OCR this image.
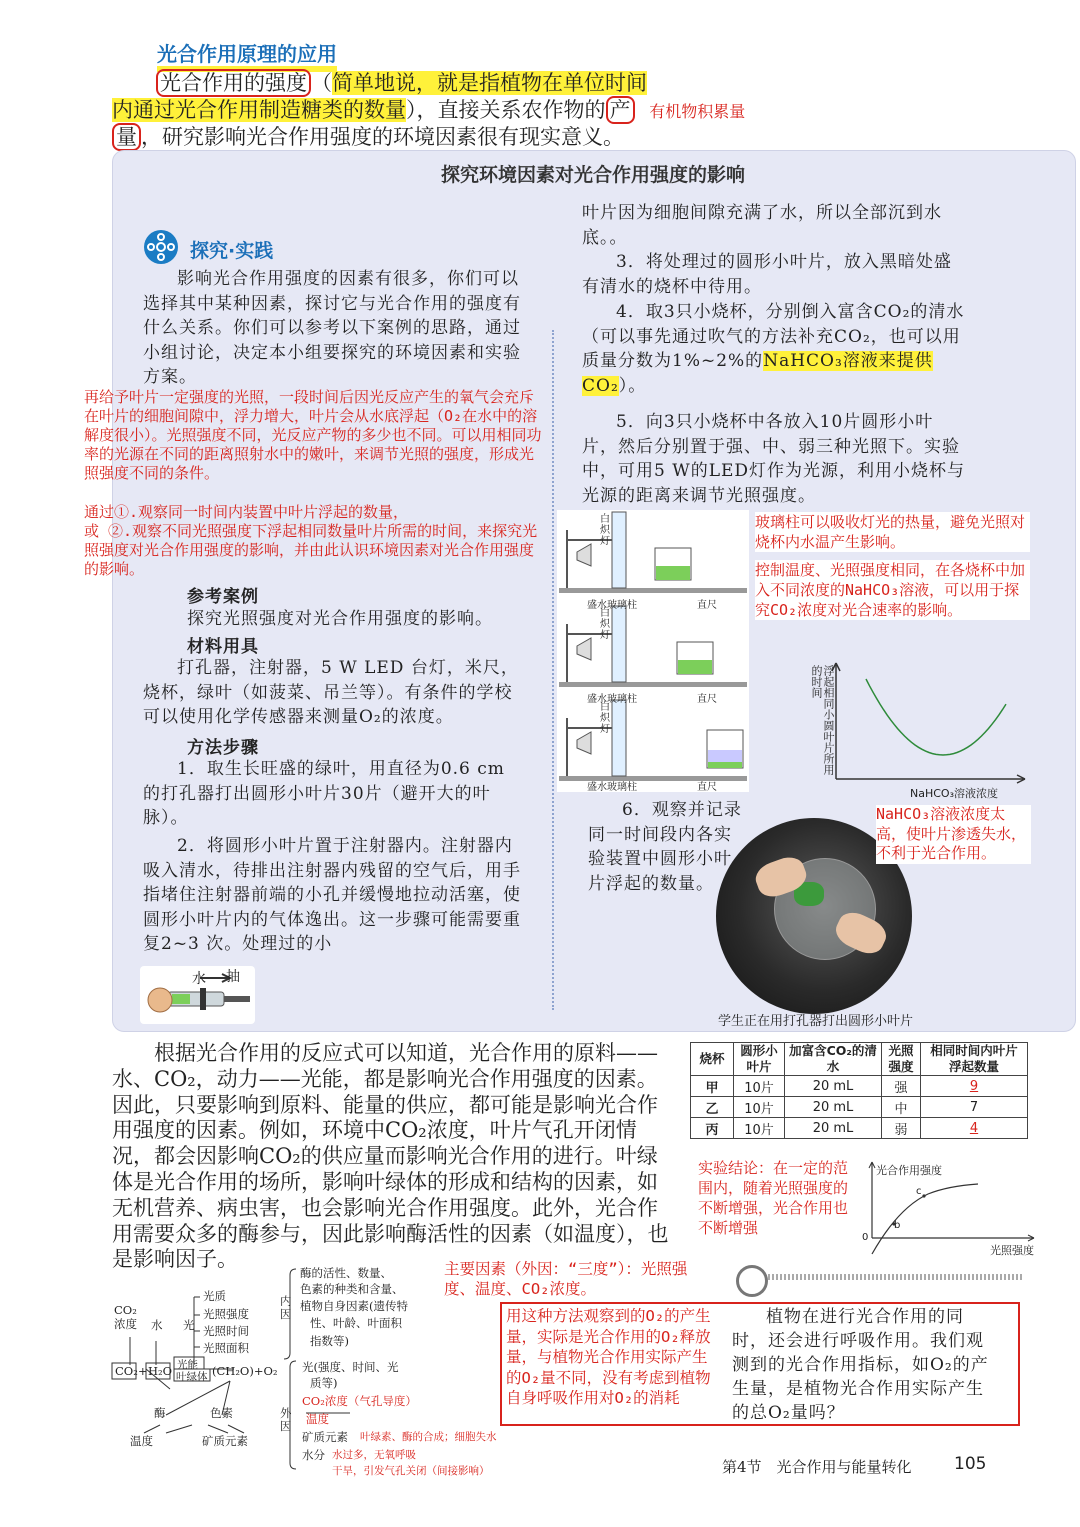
光合作用原理的应用
光合作用的强度 （简单地说，就是指植物在单位时间
内通过光合作用制造糖类的数量），直接关系农作物的 产 有机物积累量
量 ，研究影响光合作用强度的环境因素很有现实意义。
探究环境因素对光合作用强度的影响
探究·实践
影响光合作用强度的因素有很多，你们可以选择其中某种因素，探讨它与光合作用的强度有什么关系。你们可以参考以下案例的思路，通过小组讨论，决定本小组要探究的环境因素和实验方案。
再给予叶片一定强度的光照，一段时间后因光反应产生的氧气会充斥在叶片的细胞间隙中，浮力增大，叶片会从水底浮起（O₂在水中的溶解度很小）。光照强度不同，光反应产物的多少也不同。可以用相同功率的光源在不同的距离照射水中的嫩叶，来调节光照的强度，形成光照强度不同的条件。
通过①.观察同一时间内装置中叶片浮起的数量，
或 ②.观察不同光照强度下浮起相同数量叶片所需的时间，来探究光照强度对光合作用强度的影响，并由此认识环境因素对光合作用强度的影响。
参考案例
探究光照强度对光合作用强度的影响。
材料用具
打孔器，注射器，5 W LED 台灯，米尺，烧杯，绿叶（如菠菜、吊兰等）。有条件的学校可以使用化学传感器来测量O₂的浓度。
方法步骤
1．取生长旺盛的绿叶，用直径为0.6 cm 的打孔器打出圆形小叶片30片（避开大的叶脉）。
2．将圆形小叶片置于注射器内。注射器内吸入清水，待排出注射器内残留的空气后，用手指堵住注射器前端的小孔并缓慢地拉动活塞，使圆形小叶片内的气体逸出。这一步骤可能需要重复2~3 次。处理过的小
水 抽
叶片因为细胞间隙充满了水，所以全部沉到水底。。
3．将处理过的圆形小叶片，放入黑暗处盛有清水的烧杯中待用。
4．取3只小烧杯，分别倒入富含CO₂的清水（可以事先通过吹气的方法补充CO₂，也可以用质量分数为1%~2%的NaHCO₃溶液来提供CO₂）。
5．向3只小烧杯中各放入10片圆形小叶片，然后分别置于强、中、弱三种光照下。实验中，可用5 W的LED灯作为光源，利用小烧杯与光源的距离来调节光照强度。
白炽灯
盛水玻璃柱	直尺
白炽灯
盛水玻璃柱	直尺
白炽灯
盛水玻璃柱	直尺
玻璃柱可以吸收灯光的热量，避免光照对烧杯内水温产生影响。
控制温度、光照强度相同，在各烧杯中加入不同浓度的NaHCO₃溶液，可以用于探究CO₂浓度对光合速率的影响。
浮起相同小圆叶片所用的时间
NaHCO₃溶液浓度
6．观察并记录同一时间段内各实验装置中圆形小叶片浮起的数量。
学生正在用打孔器打出圆形小叶片
NaHCO₃溶液浓度太高，使叶片渗透失水，不利于光合作用。
根据光合作用的反应式可以知道，光合作用的原料——水、CO₂，动力——光能，都是影响光合作用强度的因素。因此，只要影响到原料、能量的供应，都可能是影响光合作用强度的因素。例如，环境中CO₂浓度，叶片气孔开闭情况，都会因影响CO₂的供应量而影响光合作用的进行。叶绿体是光合作用的场所，影响叶绿体的形成和结构的因素，如无机营养、病虫害，也会影响光合作用强度。此外，光合作用需要众多的酶参与，因此影响酶活性的因素（如温度），也是影响因子。
烧杯	圆形小叶片	加富含CO₂的清水	光照强度	相同时间内叶片浮起数量
甲	10片	20 mL	强	9
乙	10片	20 mL	中	7
丙	10片	20 mL	弱	4
实验结论：在一定的范围内，随着光照强度的不断增强，光合作用也不断增强
光合作用强度
光照强度
0
b
c
主要因素（外因：“三度”）：光照强度、温度、CO₂浓度。
用这种方法观察到的O₂的产生量，实际是光合作用的O₂释放量，与植物光合作用实际产生的O₂量不同，没有考虑到植物自身呼吸作用对O₂的消耗
植物在进行光合作用的同时，还会进行呼吸作用。我们观测到的光合作用指标，如O₂的产生量，是植物光合作用实际产生的总O₂量吗？
CO₂浓度	水 光
光质
光照强度
光照时间
光照面积
CO₂ + H₂O 光能
叶绿体 (CH₂O)+O₂
酶	色素
温度	矿质元素
内因
酶的活性、数量、
色素的种类和含量、
植物自身因素(遗传特
性、叶龄、叶面积
指数等)
外因
光(强度、时间、光
质等)
CO₂浓度（气孔导度）
温度
矿质元素
水分
叶绿素、酶的合成；细胞失水
水过多，无氧呼吸
干旱，引发气孔关闭（间接影响）	第4节　光合作用与能量转化 105
